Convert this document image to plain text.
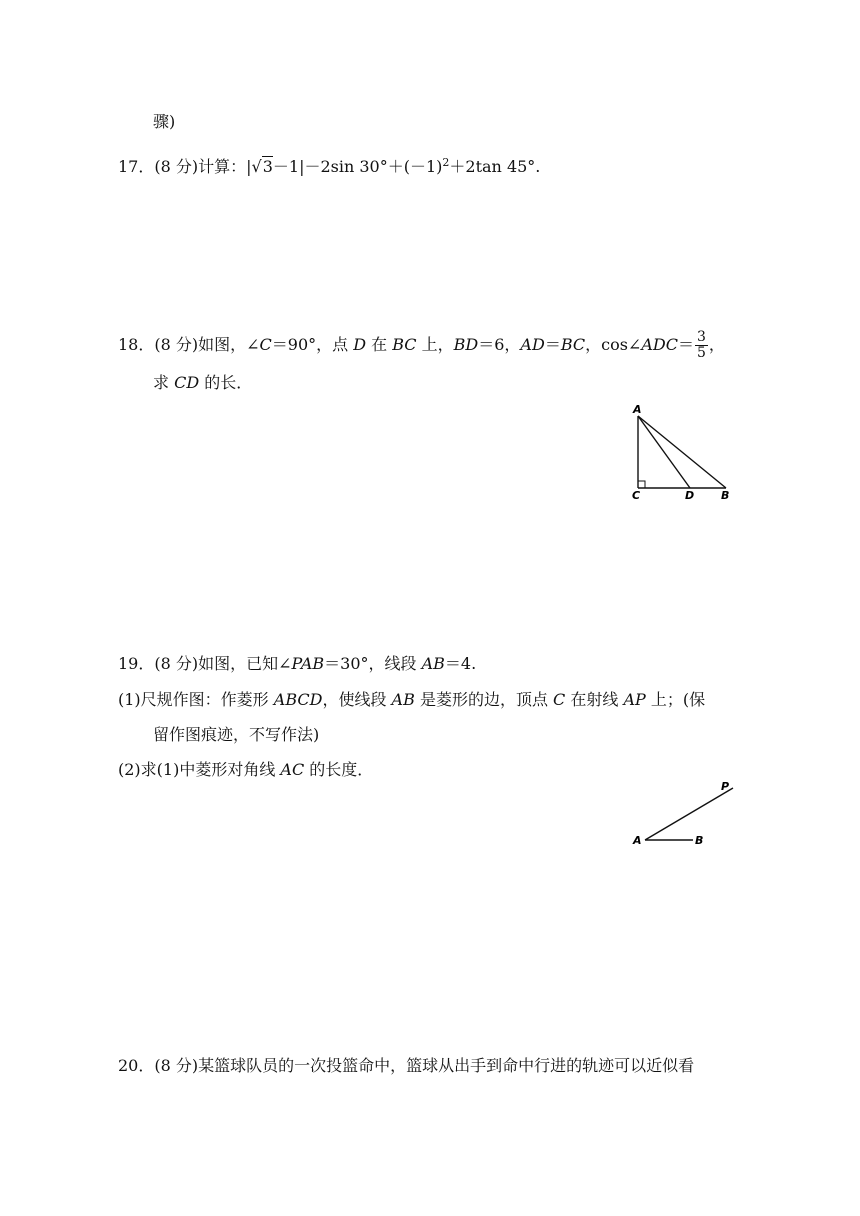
骤)
17．(8 分)计算：|√3－1|－2sin $30^\circ+(-1)^2+2\tan$ 45°.
18．(8 分)如图，∠C＝90°，点 D 在 BC 上，BD＝6，AD＝BC，cos∠ADC＝ $\frac{3}{5}$ ，
求 CD 的长．
A
C	D B
19．(8 分)如图，已知∠PAB＝30°，线段 AB＝4.
(1)尺规作图：作菱形 ABCD，使线段 AB 是菱形的边，顶点 C 在射线 AP 上；(保
留作图痕迹，不写作法)
(2)求(1)中菱形对角线 AC 的长度．
P
A	B
20．(8 分)某篮球队员的一次投篮命中，篮球从出手到命中行进的轨迹可以近似看
